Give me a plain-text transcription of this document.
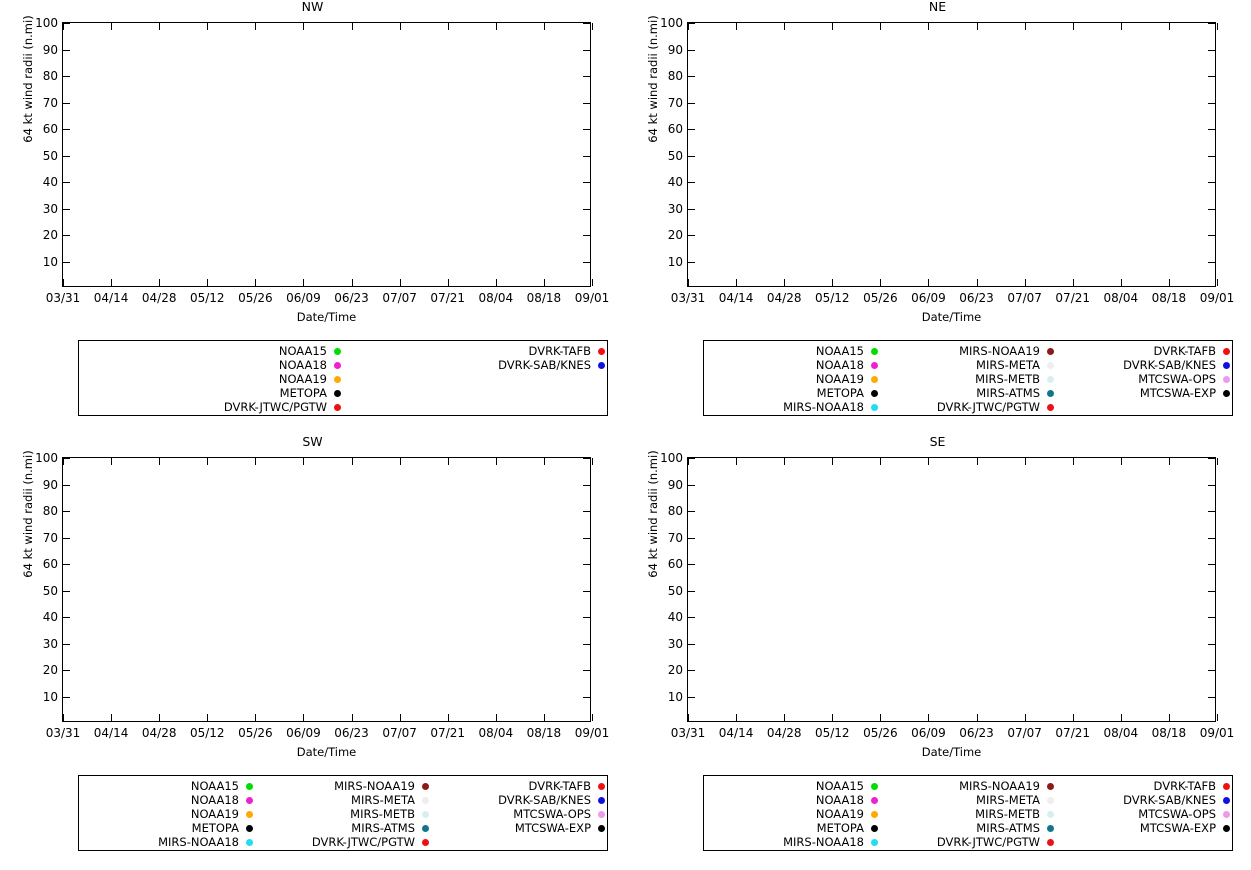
NW
10
20
30
40
50
60
70
80
90
100
03/31 04/14 04/28 05/12 05/26 06/09 06/23 07/07 07/21 08/04 08/18 09/01
64 kt wind radii (n.mi)
Date/Time
NOAA15	DVRK-TAFB
NOAA18	DVRK-SAB/KNES
NOAA19
METOPA
DVRK-JTWC/PGTW
NE
10
20
30
40
50
60
70
80
90
100
03/31 04/14 04/28 05/12 05/26 06/09 06/23 07/07 07/21 08/04 08/18 09/01
64 kt wind radii (n.mi)
Date/Time
NOAA15	MIRS-NOAA19	DVRK-TAFB
NOAA18	MIRS-META	DVRK-SAB/KNES
NOAA19	MIRS-METB	MTCSWA-OPS
METOPA	MIRS-ATMS	MTCSWA-EXP
MIRS-NOAA18	DVRK-JTWC/PGTW
SW
10
20
30
40
50
60
70
80
90
100
03/31 04/14 04/28 05/12 05/26 06/09 06/23 07/07 07/21 08/04 08/18 09/01
64 kt wind radii (n.mi)
Date/Time
NOAA15	MIRS-NOAA19	DVRK-TAFB
NOAA18	MIRS-META	DVRK-SAB/KNES
NOAA19	MIRS-METB	MTCSWA-OPS
METOPA	MIRS-ATMS	MTCSWA-EXP
MIRS-NOAA18	DVRK-JTWC/PGTW
SE
10
20
30
40
50
60
70
80
90
100
03/31 04/14 04/28 05/12 05/26 06/09 06/23 07/07 07/21 08/04 08/18 09/01
64 kt wind radii (n.mi)
Date/Time
NOAA15	MIRS-NOAA19	DVRK-TAFB
NOAA18	MIRS-META	DVRK-SAB/KNES
NOAA19	MIRS-METB	MTCSWA-OPS
METOPA	MIRS-ATMS	MTCSWA-EXP
MIRS-NOAA18	DVRK-JTWC/PGTW
